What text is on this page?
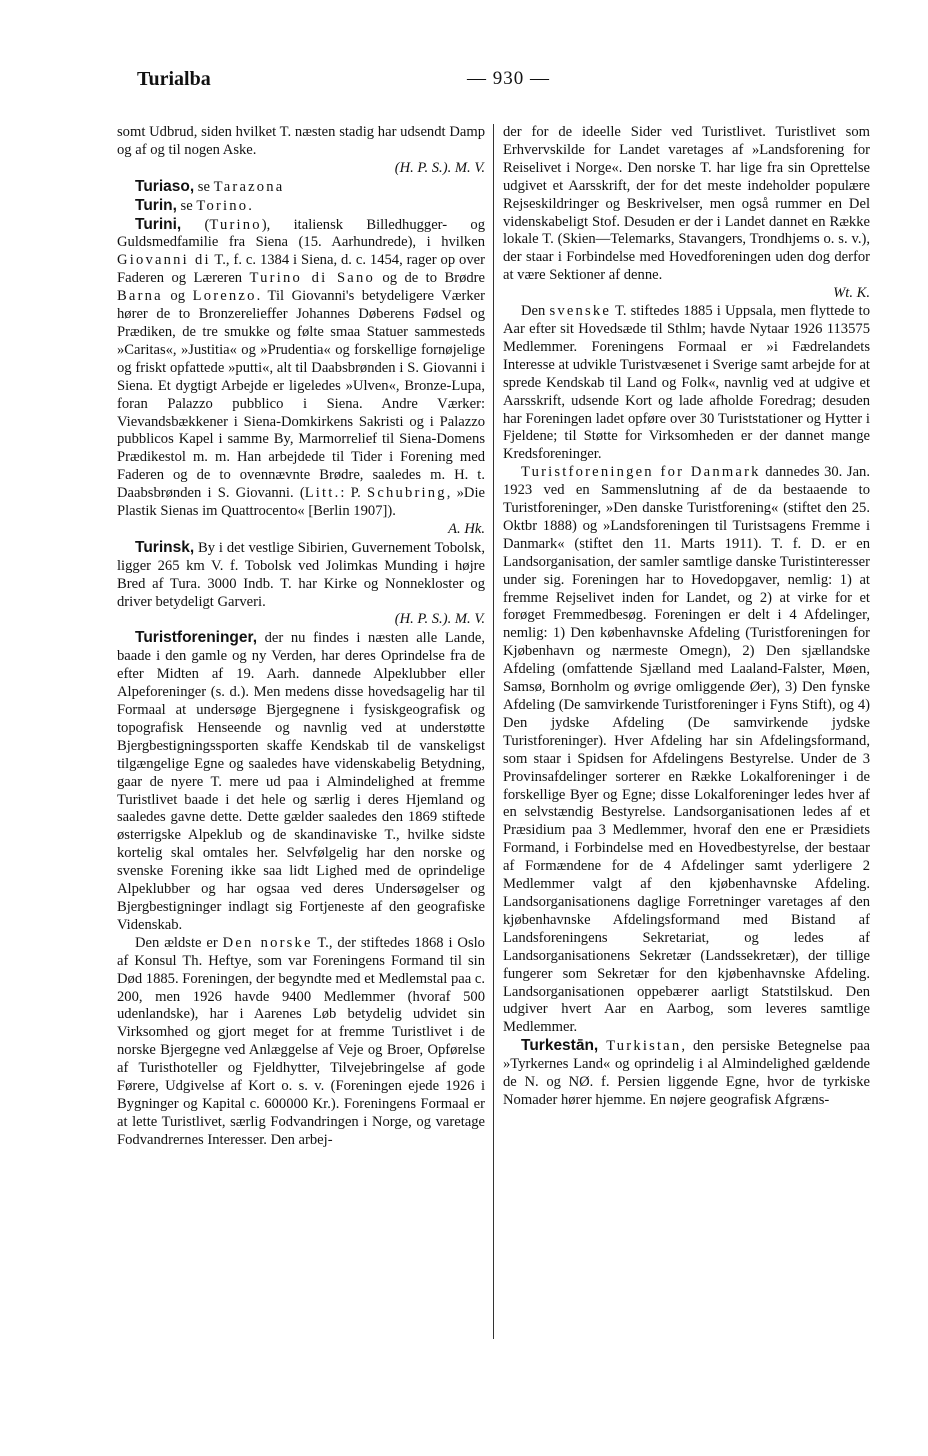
Turialba	— 930 —

somt Udbrud, siden hvilket T. næsten stadig har udsendt Damp og af og til nogen Aske.
(H. P. S.). M. V.

Turiaso, se Tarazona

Turin, se Torino.

Turini, (Turino), italiensk Billedhugger- og Guldsmedfamilie fra Siena (15. Aarhundrede), i hvilken Giovanni di T., f. c. 1384 i Siena, d. c. 1454, rager op over Faderen og Læreren Turino di Sano og de to Brødre Barna og Lorenzo. Til Giovanni's betydeligere Værker hører de to Bronzerelieffer Johannes Døberens Fødsel og Prædiken, de tre smukke og følte smaa Statuer sammesteds »Caritas«, »Justitia« og »Prudentia« og forskellige fornøjelige og friskt opfattede »putti«, alt til Daabsbrønden i S. Giovanni i Siena. Et dygtigt Arbejde er ligeledes »Ulven«, Bronze-Lupa, foran Palazzo pubblico i Siena. Andre Værker: Vievandsbækkener i Siena-Domkirkens Sakristi og i Palazzo pubblicos Kapel i samme By, Marmorrelief til Siena-Domens Prædikestol m. m. Han arbejdede til Tider i Forening med Faderen og de to ovennævnte Brødre, saaledes m. H. t. Daabsbrønden i S. Giovanni. (Litt.: P. Schubring, »Die Plastik Sienas im Quattrocento« [Berlin 1907]).
A. Hk.

Turinsk, By i det vestlige Sibirien, Guvernement Tobolsk, ligger 265 km V. f. Tobolsk ved Jolimkas Munding i højre Bred af Tura. 3000 Indb. T. har Kirke og Nonnekloster og driver betydeligt Garveri.
(H. P. S.). M. V.

Turistforeninger, der nu findes i næsten alle Lande, baade i den gamle og ny Verden, har deres Oprindelse fra de efter Midten af 19. Aarh. dannede Alpeklubber eller Alpeforeninger (s. d.). Men medens disse hovedsagelig har til Formaal at undersøge Bjergegnene i fysiskgeografisk og topografisk Henseende og navnlig ved at understøtte Bjergbestigningssporten skaffe Kendskab til de vanskeligst tilgængelige Egne og saaledes have videnskabelig Betydning, gaar de nyere T. mere ud paa i Almindelighed at fremme Turistlivet baade i det hele og særlig i deres Hjemland og saaledes gavne dette. Dette gælder saaledes den 1869 stiftede østerrigske Alpeklub og de skandinaviske T., hvilke sidste kortelig skal omtales her. Selvfølgelig har den norske og svenske Forening ikke saa lidt Lighed med de oprindelige Alpeklubber og har ogsaa ved deres Undersøgelser og Bjergbestigninger indlagt sig Fortjeneste af den geografiske Videnskab.

Den ældste er Den norske T., der stiftedes 1868 i Oslo af Konsul Th. Heftye, som var Foreningens Formand til sin Død 1885. Foreningen, der begyndte med et Medlemstal paa c. 200, men 1926 havde 9400 Medlemmer (hvoraf 500 udenlandske), har i Aarenes Løb betydelig udvidet sin Virksomhed og gjort meget for at fremme Turistlivet i de norske Bjergegne ved Anlæggelse af Veje og Broer, Opførelse af Turisthoteller og Fjeldhytter, Tilvejebringelse af gode Førere, Udgivelse af Kort o. s. v. (Foreningen ejede 1926 i Bygninger og Kapital c. 600000 Kr.). Foreningens Formaal er at lette Turistlivet, særlig Fodvandringen i Norge, og varetage Fodvandrernes Interesser. Den arbej-

der for de ideelle Sider ved Turistlivet. Turistlivet som Erhvervskilde for Landet varetages af »Landsforening for Reiselivet i Norge«. Den norske T. har lige fra sin Oprettelse udgivet et Aarsskrift, der for det meste indeholder populære Rejseskildringer og Beskrivelser, men også rummer en Del videnskabeligt Stof. Desuden er der i Landet dannet en Række lokale T. (Skien—Telemarks, Stavangers, Trondhjems o. s. v.), der staar i Forbindelse med Hovedforeningen uden dog derfor at være Sektioner af denne.
Wt. K.

Den svenske T. stiftedes 1885 i Uppsala, men flyttede to Aar efter sit Hovedsæde til Sthlm; havde Nytaar 1926 113575 Medlemmer. Foreningens Formaal er »i Fædrelandets Interesse at udvikle Turistvæsenet i Sverige samt arbejde for at sprede Kendskab til Land og Folk«, navnlig ved at udgive et Aarsskrift, udsende Kort og lade afholde Foredrag; desuden har Foreningen ladet opføre over 30 Turiststationer og Hytter i Fjeldene; til Støtte for Virksomheden er der dannet mange Kredsforeninger.

Turistforeningen for Danmark dannedes 30. Jan. 1923 ved en Sammenslutning af de da bestaaende to Turistforeninger, »Den danske Turistforening« (stiftet den 25. Oktbr 1888) og »Landsforeningen til Turistsagens Fremme i Danmark« (stiftet den 11. Marts 1911). T. f. D. er en Landsorganisation, der samler samtlige danske Turistinteresser under sig. Foreningen har to Hovedopgaver, nemlig: 1) at fremme Rejselivet inden for Landet, og 2) at virke for et forøget Fremmedbesøg. Foreningen er delt i 4 Afdelinger, nemlig: 1) Den københavnske Afdeling (Turistforeningen for Kjøbenhavn og nærmeste Omegn), 2) Den sjællandske Afdeling (omfattende Sjælland med Laaland-Falster, Møen, Samsø, Bornholm og øvrige omliggende Øer), 3) Den fynske Afdeling (De samvirkende Turistforeninger i Fyns Stift), og 4) Den jydske Afdeling (De samvirkende jydske Turistforeninger). Hver Afdeling har sin Afdelingsformand, som staar i Spidsen for Afdelingens Bestyrelse. Under de 3 Provinsafdelinger sorterer en Række Lokalforeninger i de forskellige Byer og Egne; disse Lokalforeninger ledes hver af en selvstændig Bestyrelse. Landsorganisationen ledes af et Præsidium paa 3 Medlemmer, hvoraf den ene er Præsidiets Formand, i Forbindelse med en Hovedbestyrelse, der bestaar af Formændene for de 4 Afdelinger samt yderligere 2 Medlemmer valgt af den kjøbenhavnske Afdeling. Landsorganisationens daglige Forretninger varetages af den kjøbenhavnske Afdelingsformand med Bistand af Landsforeningens Sekretariat, og ledes af Landsorganisationens Sekretær (Landssekretær), der tillige fungerer som Sekretær for den kjøbenhavnske Afdeling. Landsorganisationen oppebærer aarligt Statstilskud. Den udgiver hvert Aar en Aarbog, som leveres samtlige Medlemmer.

Turkestān, Turkistan, den persiske Betegnelse paa »Tyrkernes Land« og oprindelig i al Almindelighed gældende de N. og NØ. f. Persien liggende Egne, hvor de tyrkiske Nomader hører hjemme. En nøjere geografisk Afgræns-
